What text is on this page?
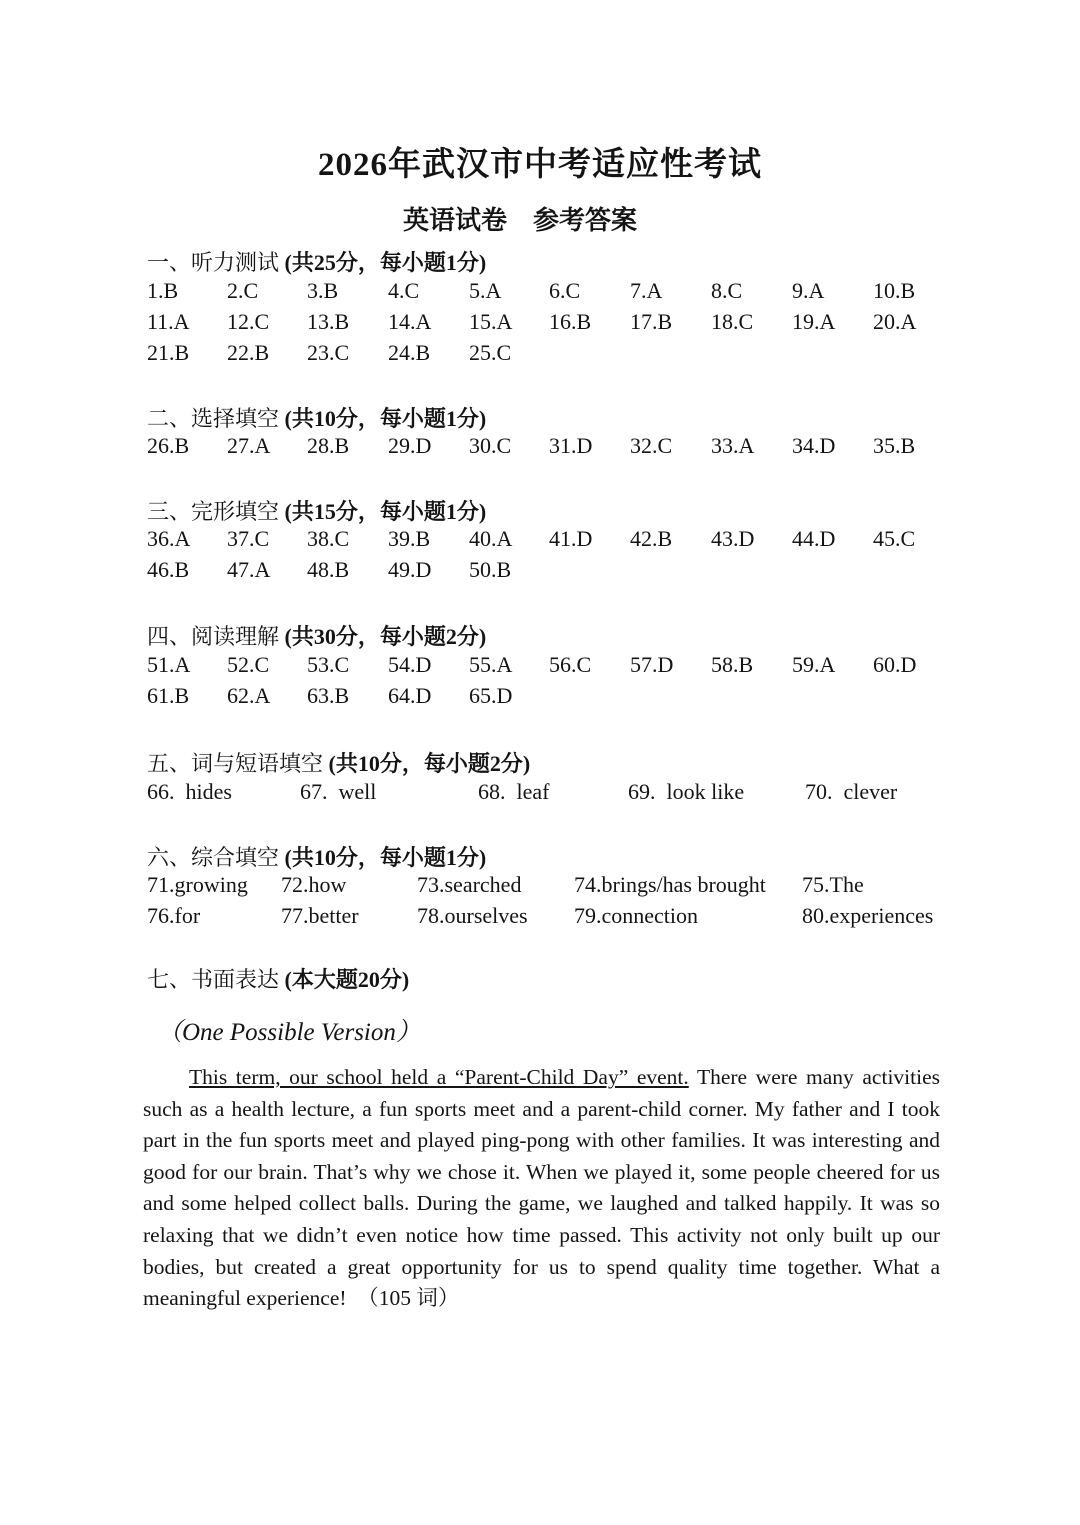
2026年武汉市中考适应性考试
英语试卷　参考答案
一、听力测试 (共25分，每小题1分)
1.B 2.C 3.B 4.C 5.A 6.C 7.A 8.C 9.A 10.B
11.A 12.C 13.B 14.A 15.A 16.B 17.B 18.C 19.A 20.A
21.B 22.B 23.C 24.B 25.C
二、选择填空 (共10分，每小题1分)
26.B 27.A 28.B 29.D 30.C 31.D 32.C 33.A 34.D 35.B
三、完形填空 (共15分，每小题1分)
36.A 37.C 38.C 39.B 40.A 41.D 42.B 43.D 44.D 45.C
46.B 47.A 48.B 49.D 50.B
四、阅读理解 (共30分，每小题2分)
51.A 52.C 53.C 54.D 55.A 56.C 57.D 58.B 59.A 60.D
61.B 62.A 63.B 64.D 65.D
五、词与短语填空 (共10分，每小题2分)
66.  hides	67.  well	68.  leaf	69.  look like	70.  clever
六、综合填空 (共10分，每小题1分)
71.growing 72.how	73.searched 74.brings/has brought 75.The
76.for	77.better	78.ourselves 79.connection	80.experiences
七、书面表达 (本大题20分)
（One Possible Version）

This term, our school held a “Parent-Child Day” event. There were many activities such as a health lecture, a fun sports meet and a parent-child corner. My father and I took part in the fun sports meet and played ping-pong with other families. It was interesting and good for our brain. That’s why we chose it. When we played it, some people cheered for us and some helped collect balls. During the game, we laughed and talked happily. It was so relaxing that we didn’t even notice how time passed. This activity not only built up our bodies, but created a great opportunity for us to spend quality time together. What a meaningful experience! （105 词）
